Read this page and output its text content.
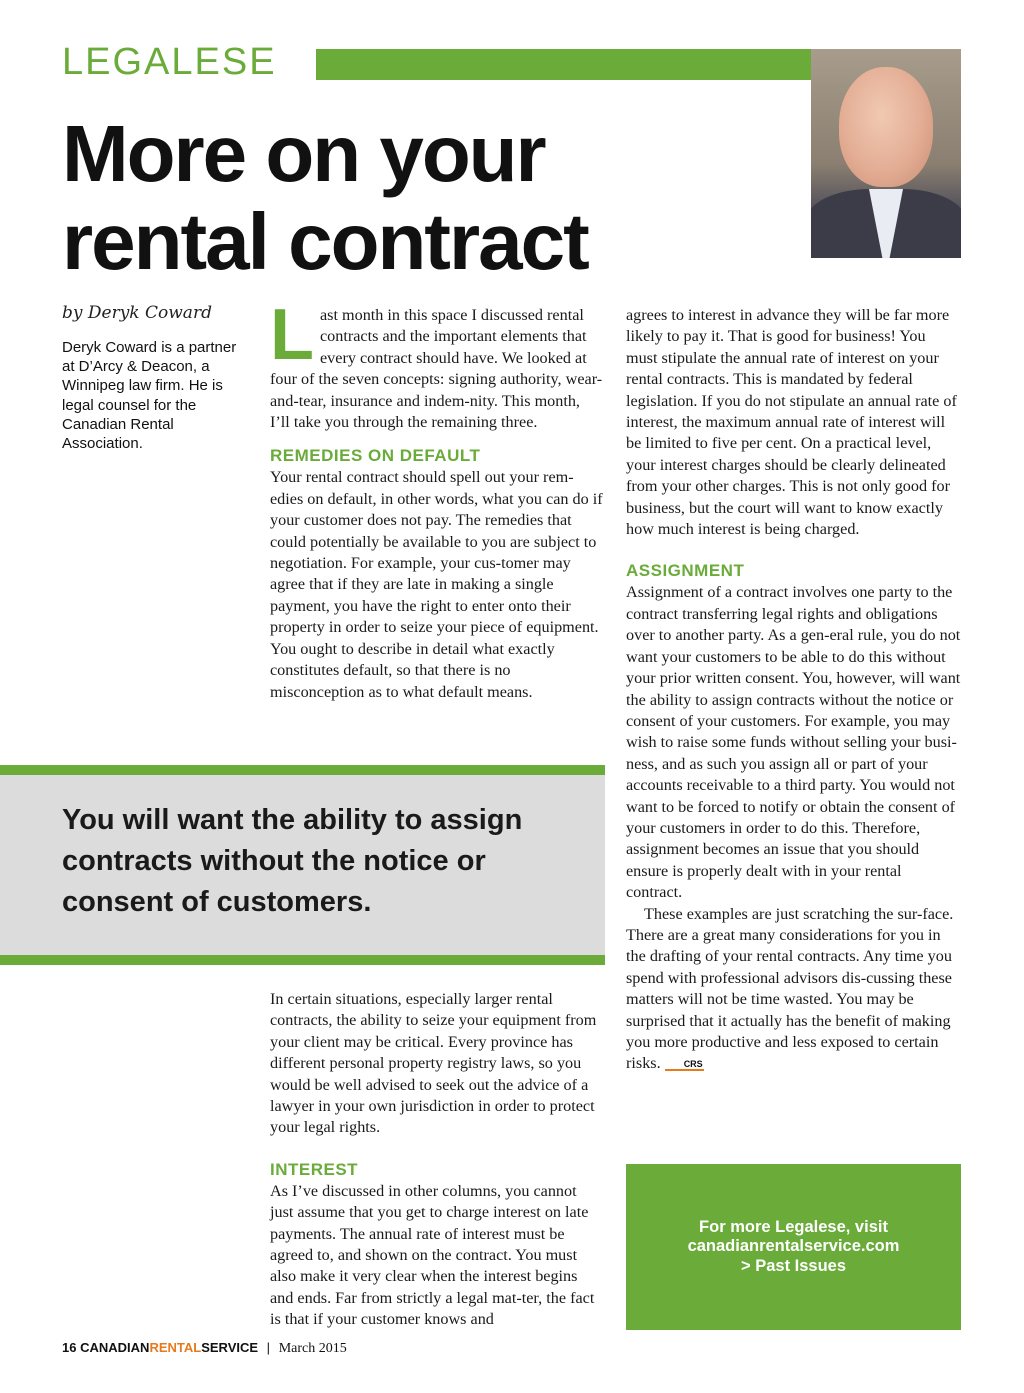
LEGALESE
More on your
rental contract
by Deryk Coward
Deryk Coward is a partner at D’Arcy & Deacon, a Winnipeg law firm. He is legal counsel for the Canadian Rental Association.

Last month in this space I discussed rental contracts and the important elements that every contract should have. We looked at four of the seven concepts: signing authority, wear-and-tear, insurance and indem-nity. This month, I’ll take you through the remaining three.

REMEDIES ON DEFAULT

Your rental contract should spell out your rem-edies on default, in other words, what you can do if your customer does not pay. The remedies that could potentially be available to you are subject to negotiation. For example, your cus-tomer may agree that if they are late in making a single payment, you have the right to enter onto their property in order to seize your piece of equipment. You ought to describe in detail what exactly constitutes default, so that there is no misconception as to what default means.

You will want the ability to assign contracts without the notice or consent of customers.

In certain situations, especially larger rental contracts, the ability to seize your equipment from your client may be critical. Every province has different personal property registry laws, so you would be well advised to seek out the advice of a lawyer in your own jurisdiction in order to protect your legal rights.

INTEREST

As I’ve discussed in other columns, you cannot just assume that you get to charge interest on late payments. The annual rate of interest must be agreed to, and shown on the contract. You must also make it very clear when the interest begins and ends. Far from strictly a legal mat-ter, the fact is that if your customer knows and

agrees to interest in advance they will be far more likely to pay it. That is good for business! You must stipulate the annual rate of interest on your rental contracts. This is mandated by federal legislation. If you do not stipulate an annual rate of interest, the maximum annual rate of interest will be limited to five per cent. On a practical level, your interest charges should be clearly delineated from your other charges. This is not only good for business, but the court will want to know exactly how much interest is being charged.

ASSIGNMENT

Assignment of a contract involves one party to the contract transferring legal rights and obligations over to another party. As a gen-eral rule, you do not want your customers to be able to do this without your prior written consent. You, however, will want the ability to assign contracts without the notice or consent of your customers. For example, you may wish to raise some funds without selling your busi-ness, and as such you assign all or part of your accounts receivable to a third party. You would not want to be forced to notify or obtain the consent of your customers in order to do this. Therefore, assignment becomes an issue that you should ensure is properly dealt with in your rental contract.

These examples are just scratching the sur-face. There are a great many considerations for you in the drafting of your rental contracts. Any time you spend with professional advisors dis-cussing these matters will not be time wasted. You may be surprised that it actually has the benefit of making you more productive and less exposed to certain risks.	CRS

For more Legalese, visit
canadianrentalservice.com
> Past Issues
16 CANADIANRENTALSERVICE | March 2015
